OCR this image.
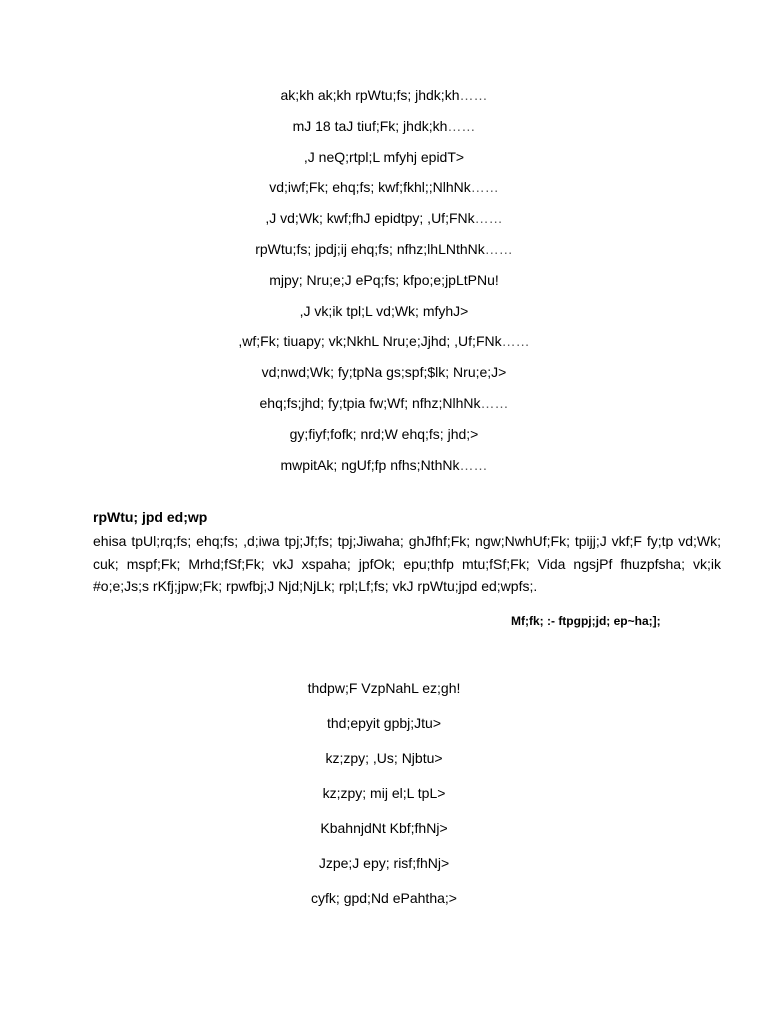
ak;kh ak;kh rpWtu;fs; jhdk;kh……
mJ 18 taJ tiuf;Fk; jhdk;kh……
,J neQ;rtpl;L mfyhj epidT>
vd;iwf;Fk; ehq;fs; kwf;fkhl;;NlhNk……
,J vd;Wk; kwf;fhJ epidtpy; ,Uf;FNk……
rpWtu;fs; jpdj;ij ehq;fs; nfhz;lhLNthNk……
mjpy; Nru;e;J ePq;fs; kfpo;e;jpLtPNu!
,J vk;ik tpl;L vd;Wk; mfyhJ>
,wf;Fk; tiuapy; vk;NkhL Nru;e;Jjhd; ,Uf;FNk……
vd;nwd;Wk; fy;tpNa gs;spf;$lk; Nru;e;J>
ehq;fs;jhd; fy;tpia fw;Wf; nfhz;NlhNk……
gy;fiyf;fofk; nrd;W ehq;fs; jhd;>
mwpitAk; ngUf;fp nfhs;NthNk……
rpWtu; jpd ed;wp

ehisa tpUl;rq;fs; ehq;fs; ,d;iwa tpj;Jf;fs; tpj;Jiwaha; ghJfhf;Fk; ngw;NwhUf;Fk; tpijj;J vkf;F fy;tp vd;Wk; cuk; mspf;Fk; Mrhd;fSf;Fk; vkJ xspaha; jpfOk; epu;thfp mtu;fSf;Fk; Vida ngsjPf fhuzpfsha; vk;ik #o;e;Js;s rKfj;jpw;Fk; rpwfbj;J Njd;NjLk; rpl;Lf;fs; vkJ rpWtu;jpd ed;wpfs;.

Mf;fk; :- ftpgpj;jd; ep~ha;];
thdpw;F VzpNahL ez;gh!
thd;epyit gpbj;Jtu>
kz;zpy; ,Us; Njbtu>
kz;zpy; mij el;L tpL>
KbahnjdNt Kbf;fhNj>
Jzpe;J epy; risf;fhNj>
cyfk; gpd;Nd ePahtha;>
